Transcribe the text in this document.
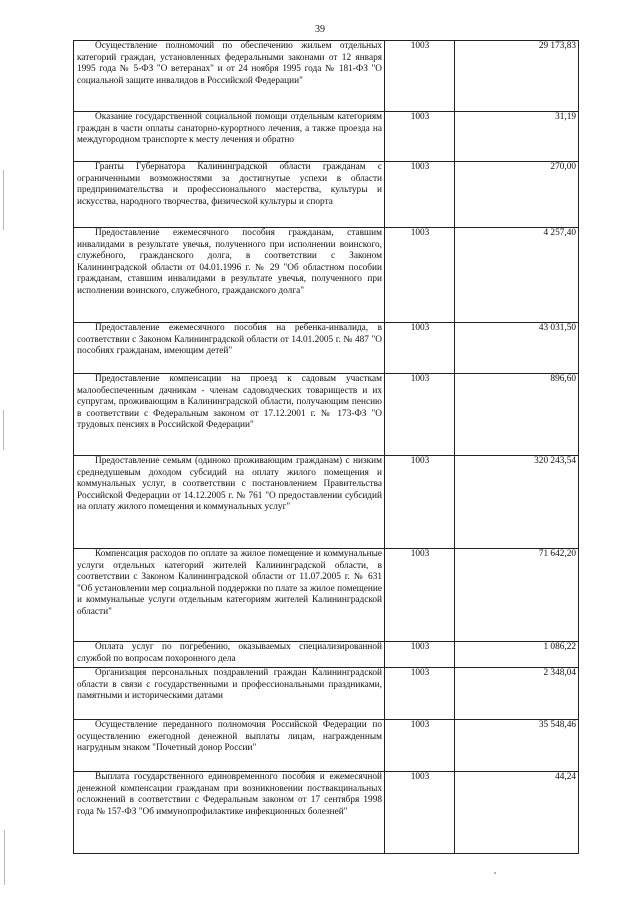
39
Осуществление полномочий по обеспечению жильем отдельных категорий граждан, установленных федеральными законами от 12 января 1995 года № 5-ФЗ "О ветеранах" и от 24 ноября 1995 года № 181-ФЗ "О социальной защите инвалидов в Российской Федерации"	1003	29 173,83
Оказание государственной социальной помощи отдельным категориям граждан в части оплаты санаторно-курортного лечения, а также проезда на междугородном транспорте к месту лечения и обратно	1003	31,19
Гранты Губернатора Калининградской области гражданам с ограниченными возможностями за достигнутые успехи в области предпринимательства и профессионального мастерства, культуры и искусства, народного творчества, физической культуры и спорта	1003	270,00
Предоставление ежемесячного пособия гражданам, ставшим инвалидами в результате увечья, полученного при исполнении воинского, служебного, гражданского долга, в соответствии с Законом Калининградской области от 04.01.1996 г. № 29 "Об областном пособии гражданам, ставшим инвалидами в результате увечья, полученного при исполнении воинского, служебного, гражданского долга"	1003	4 257,40
Предоставление ежемесячного пособия на ребенка-инвалида, в соответствии с Законом Калининградской области от 14.01.2005 г. № 487 "О пособиях гражданам, имеющим детей"	1003	43 031,50
Предоставление компенсации на проезд к садовым участкам малообеспеченным дачникам - членам садоводческих товариществ и их супругам, проживающим в Калининградской области, получающим пенсию в соответствии с Федеральным законом от 17.12.2001 г. № 173-ФЗ "О трудовых пенсиях в Российской Федерации"	1003	896,60
Предоставление семьям (одиноко проживающим гражданам) с низким среднедушевым доходом субсидий на оплату жилого помещения и коммунальных услуг, в соответствии с постановлением Правительства Российской Федерации от 14.12.2005 г. № 761 "О предоставлении субсидий на оплату жилого помещения и коммунальных услуг"	1003	320 243,54
Компенсация расходов по оплате за жилое помещение и коммунальные услуги отдельных категорий жителей Калининградской области, в соответствии с Законом Калининградской области от 11.07.2005 г. № 631 "Об установлении мер социальной поддержки по плате за жилое помещение и коммунальные услуги отдельным категориям жителей Калининградской области"	1003	71 642,20
Оплата услуг по погребению, оказываемых специализированной службой по вопросам похоронного дела	1003	1 086,22
Организация персональных поздравлений граждан Калининградской области в связи с государственными и профессиональными праздниками, памятными и историческими датами	1003	2 348,04
Осуществление переданного полномочия Российской Федерации по осуществлению ежегодной денежной выплаты лицам, награжденным нагрудным знаком "Почетный донор России"	1003	35 548,46
Выплата государственного единовременного пособия и ежемесячной денежной компенсации гражданам при возникновении поствакцинальных осложнений в соответствии с Федеральным законом от 17 сентября 1998 года № 157-ФЗ "Об иммунопрофилактике инфекционных болезней"	1003	44,24
